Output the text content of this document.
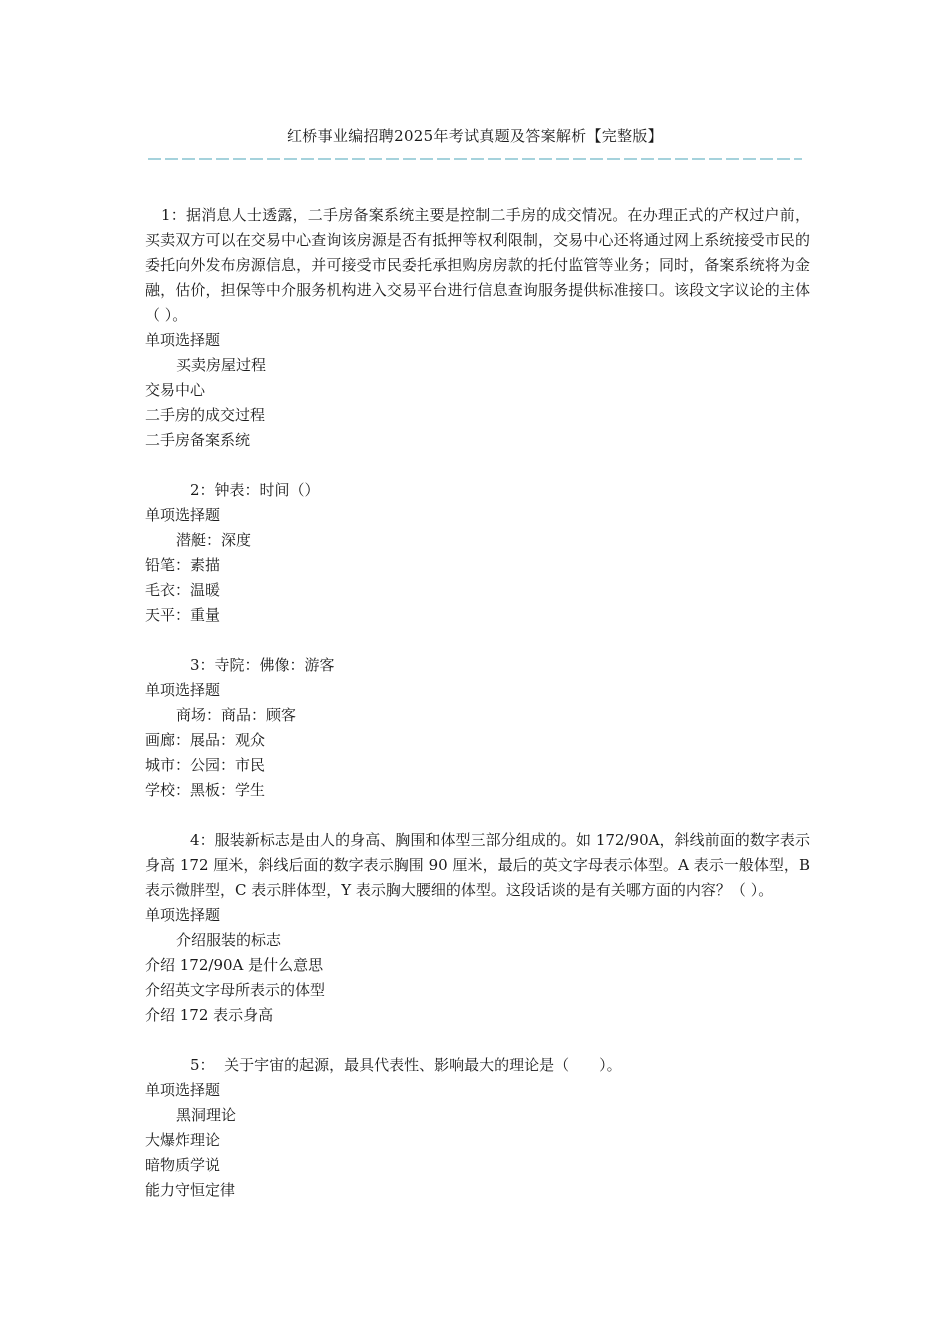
红桥事业编招聘2025年考试真题及答案解析【完整版】

1：据消息人士透露，二手房备案系统主要是控制二手房的成交情况。在办理正式的产权过户前，买卖双方可以在交易中心查询该房源是否有抵押等权利限制，交易中心还将通过网上系统接受市民的委托向外发布房源信息，并可接受市民委托承担购房房款的托付监管等业务；同时，备案系统将为金融，估价，担保等中介服务机构进入交易平台进行信息查询服务提供标准接口。该段文字议论的主体（ ）。

单项选择题

买卖房屋过程

交易中心

二手房的成交过程

二手房备案系统

2：钟表：时间（）

单项选择题

潜艇：深度

铅笔：素描

毛衣：温暖

天平：重量

3：寺院：佛像：游客

单项选择题

商场：商品：顾客

画廊：展品：观众

城市：公园：市民

学校：黑板：学生

4：服装新标志是由人的身高、胸围和体型三部分组成的。如 172/90A，斜线前面的数字表示身高 172 厘米，斜线后面的数字表示胸围 90 厘米，最后的英文字母表示体型。A 表示一般体型，B 表示微胖型，C 表示胖体型，Y 表示胸大腰细的体型。这段话谈的是有关哪方面的内容？（ ）。

单项选择题

介绍服装的标志

介绍 172/90A 是什么意思

介绍英文字母所表示的体型

介绍 172 表示身高

5：  关于宇宙的起源，最具代表性、影响最大的理论是（　　）。

单项选择题

黑洞理论

大爆炸理论

暗物质学说

能力守恒定律
